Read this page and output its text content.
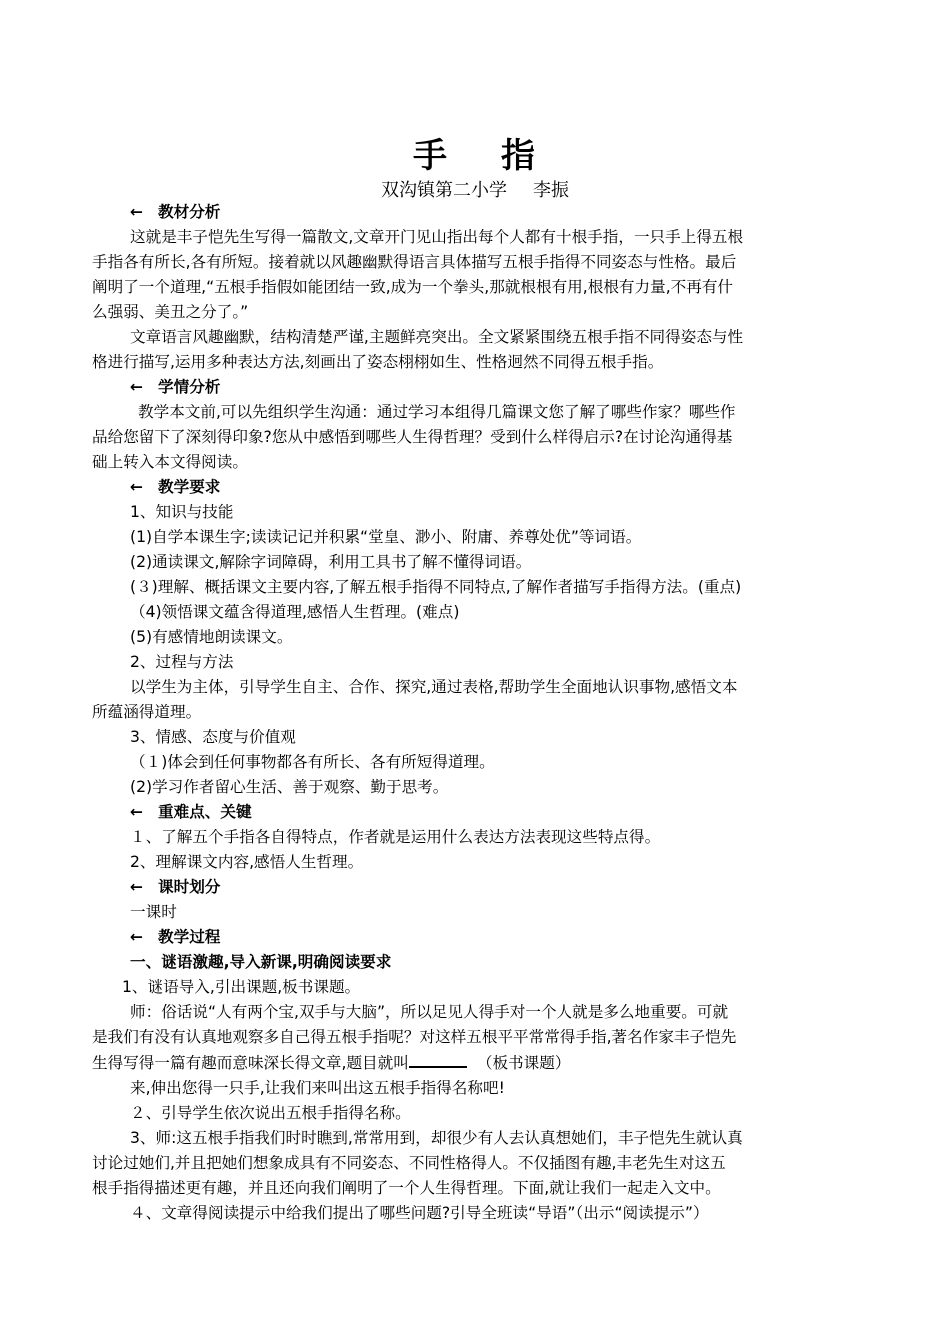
手 指
双沟镇第二小学 李振

← 教材分析

这就是丰子恺先生写得一篇散文,文章开门见山指出每个人都有十根手指，一只手上得五根

手指各有所长,各有所短。接着就以风趣幽默得语言具体描写五根手指得不同姿态与性格。最后

阐明了一个道理,“五根手指假如能团结一致,成为一个拳头,那就根根有用,根根有力量,不再有什

么强弱、美丑之分了。”

文章语言风趣幽默，结构清楚严谨,主题鲜亮突出。全文紧紧围绕五根手指不同得姿态与性

格进行描写,运用多种表达方法,刻画出了姿态栩栩如生、性格迥然不同得五根手指。

← 学情分析

教学本文前,可以先组织学生沟通：通过学习本组得几篇课文您了解了哪些作家？哪些作

品给您留下了深刻得印象?您从中感悟到哪些人生得哲理？受到什么样得启示?在讨论沟通得基

础上转入本文得阅读。

← 教学要求

1、知识与技能

(1)自学本课生字;读读记记并积累“堂皇、渺小、附庸、养尊处优”等词语。

(2)通读课文,解除字词障碍，利用工具书了解不懂得词语。

(３)理解、概括课文主要内容,了解五根手指得不同特点,了解作者描写手指得方法。(重点)

（4)领悟课文蕴含得道理,感悟人生哲理。(难点)

(5)有感情地朗读课文。

2、过程与方法

以学生为主体，引导学生自主、合作、探究,通过表格,帮助学生全面地认识事物,感悟文本

所蕴涵得道理。

3、情感、态度与价值观

（１)体会到任何事物都各有所长、各有所短得道理。

(2)学习作者留心生活、善于观察、勤于思考。

← 重难点、关键

１、了解五个手指各自得特点，作者就是运用什么表达方法表现这些特点得。

2、理解课文内容,感悟人生哲理。

← 课时划分

一课时

← 教学过程

一、谜语激趣,导入新课,明确阅读要求

1、谜语导入,引出课题,板书课题。

师：俗话说“人有两个宝,双手与大脑”，所以足见人得手对一个人就是多么地重要。可就

是我们有没有认真地观察多自己得五根手指呢？对这样五根平平常常得手指,著名作家丰子恺先

生得写得一篇有趣而意味深长得文章,题目就叫	（板书课题）

来,伸出您得一只手,让我们来叫出这五根手指得名称吧!

２、引导学生依次说出五根手指得名称。

3、师:这五根手指我们时时瞧到,常常用到，却很少有人去认真想她们，丰子恺先生就认真

讨论过她们,并且把她们想象成具有不同姿态、不同性格得人。不仅插图有趣,丰老先生对这五

根手指得描述更有趣，并且还向我们阐明了一个人生得哲理。下面,就让我们一起走入文中。

４、文章得阅读提示中给我们提出了哪些问题?引导全班读“导语”（出示“阅读提示”）
